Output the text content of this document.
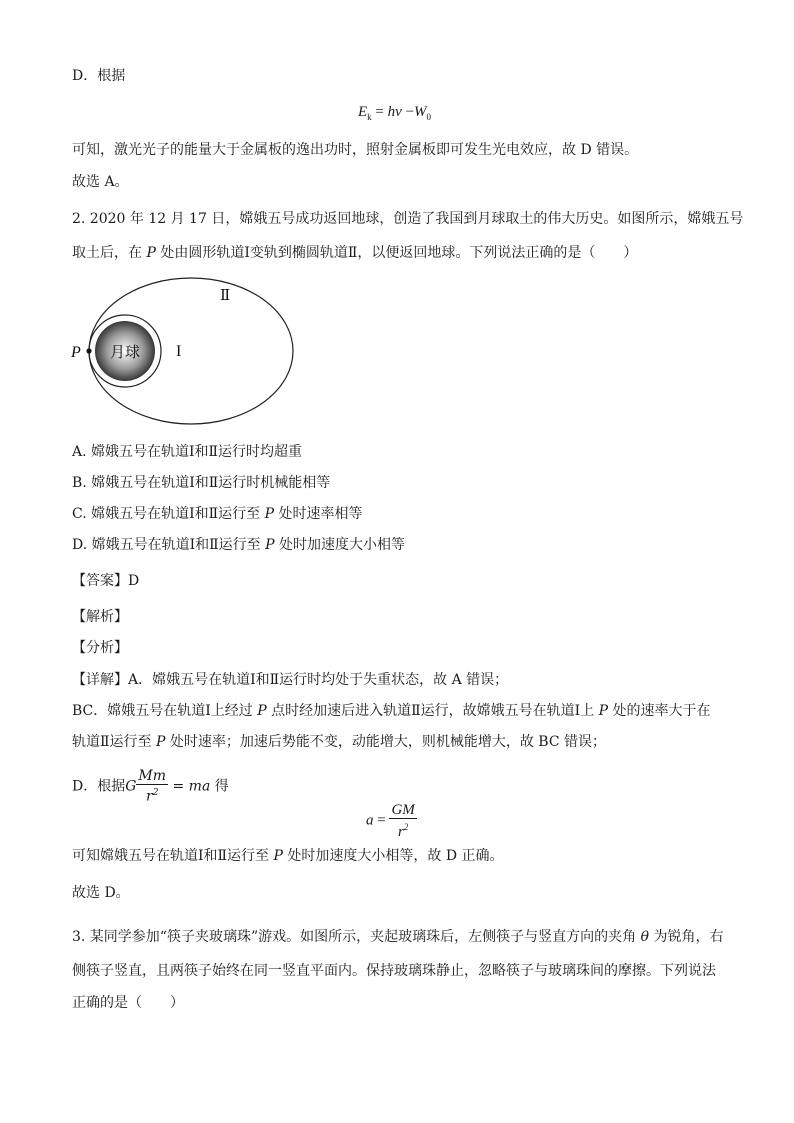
D．根据
$E_k = h\nu -W_0$
可知，激光光子的能量大于金属板的逸出功时，照射金属板即可发生光电效应，故 D 错误。
故选 A。
2. 2020 年 12 月 17 日，嫦娥五号成功返回地球，创造了我国到月球取土的伟大历史。如图所示，嫦娥五号
取土后，在 P 处由圆形轨道Ⅰ变轨到椭圆轨道Ⅱ，以便返回地球。下列说法正确的是（　　）
月球 I
Ⅱ
P
A. 嫦娥五号在轨道Ⅰ和Ⅱ运行时均超重
B. 嫦娥五号在轨道Ⅰ和Ⅱ运行时机械能相等
C. 嫦娥五号在轨道Ⅰ和Ⅱ运行至 P 处时速率相等
D. 嫦娥五号在轨道Ⅰ和Ⅱ运行至 P 处时加速度大小相等
【答案】D
【解析】
【分析】
【详解】A．嫦娥五号在轨道Ⅰ和Ⅱ运行时均处于失重状态，故 A 错误；
BC．嫦娥五号在轨道Ⅰ上经过 P 点时经加速后进入轨道Ⅱ运行，故嫦娥五号在轨道Ⅰ上 P 处的速率大于在
轨道Ⅱ运行至 P 处时速率；加速后势能不变，动能增大，则机械能增大，故 BC 错误；
D．根据G $\frac{Mm}{r^2}$ = ma 得
$a = \frac{GM}{r^2}$
可知嫦娥五号在轨道Ⅰ和Ⅱ运行至 P 处时加速度大小相等，故 D 正确。
故选 D。
3. 某同学参加“筷子夹玻璃珠”游戏。如图所示，夹起玻璃珠后，左侧筷子与竖直方向的夹角 θ 为锐角，右
侧筷子竖直，且两筷子始终在同一竖直平面内。保持玻璃珠静止，忽略筷子与玻璃珠间的摩擦。下列说法
正确的是（　　）
